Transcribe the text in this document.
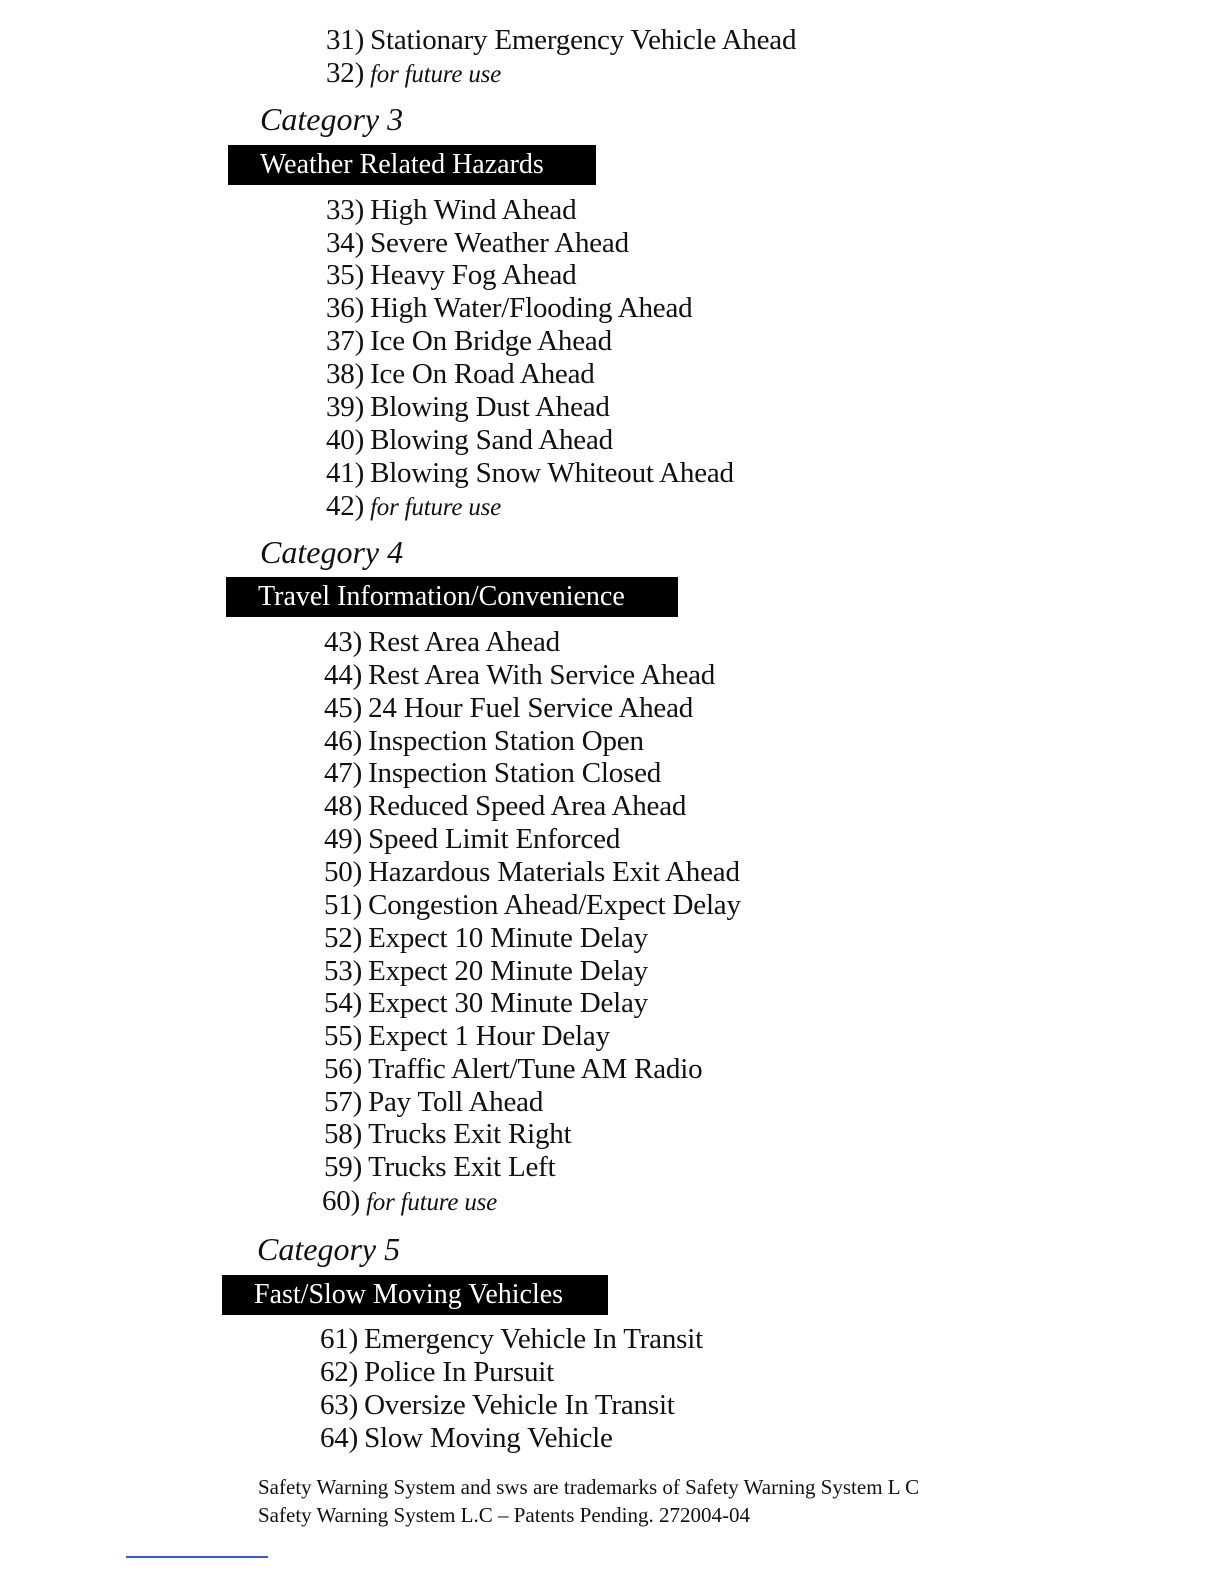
31) Stationary Emergency Vehicle Ahead
32) for future use
Category 3
Weather Related Hazards
33) High Wind Ahead
34) Severe Weather Ahead
35) Heavy Fog Ahead
36) High Water/Flooding Ahead
37) Ice On Bridge Ahead
38) Ice On Road Ahead
39) Blowing Dust Ahead
40) Blowing Sand Ahead
41) Blowing Snow Whiteout Ahead
42) for future use
Category 4
Travel Information/Convenience
43) Rest Area Ahead
44) Rest Area With Service Ahead
45) 24 Hour Fuel Service Ahead
46) Inspection Station Open
47) Inspection Station Closed
48) Reduced Speed Area Ahead
49) Speed Limit Enforced
50) Hazardous Materials Exit Ahead
51) Congestion Ahead/Expect Delay
52) Expect 10 Minute Delay
53) Expect 20 Minute Delay
54) Expect 30 Minute Delay
55) Expect 1 Hour Delay
56) Traffic Alert/Tune AM Radio
57) Pay Toll Ahead
58) Trucks Exit Right
59) Trucks Exit Left
60) for future use
Category 5
Fast/Slow Moving Vehicles
61) Emergency Vehicle In Transit
62) Police In Pursuit
63) Oversize Vehicle In Transit
64) Slow Moving Vehicle
Safety Warning System and sws are trademarks of Safety Warning System L C
Safety Warning System L.C – Patents Pending. 272004-04
